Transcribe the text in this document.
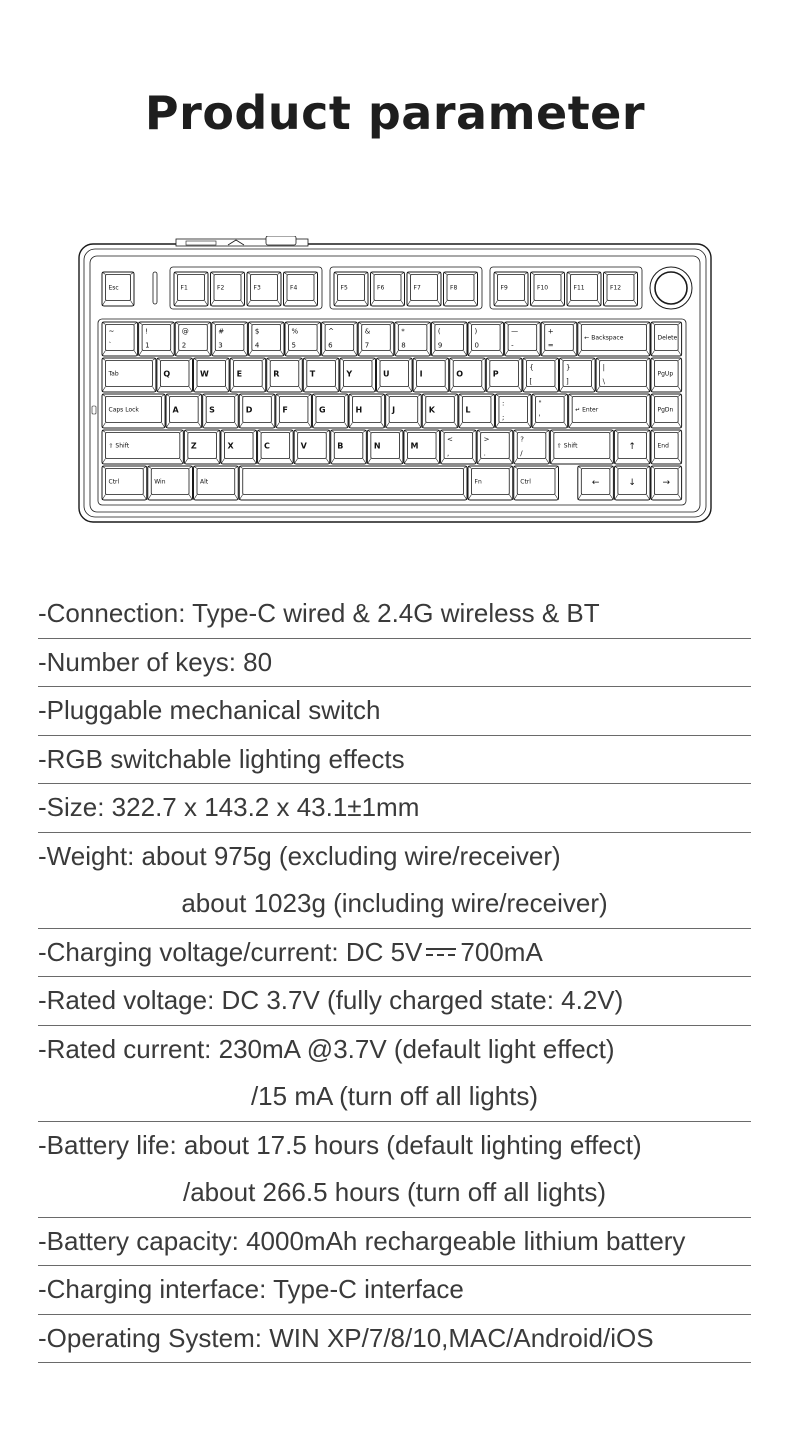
Product parameter
Esc	F1	F2	F3	F4	F5	F6	F7	F8	F9	F10	F11	F12
~
`
!
1
@
2
#
3
$
4
%
5
^
6
&
7
*
8
(
9
)
0
—
-
+
=
← Backspace	Delete
Tab	Q	W	E	R	T	Y	U	I	O	P
{
[
}
]
|
\
PgUp
Caps Lock	A	S	D	F	G	H	J	K	L
:
;
"
'
↵ Enter	PgDn
⇧ Shift	Z	X	C	V	B	N	M
<
,
>
.
?
/
⇧ Shift	↑	End
Ctrl	Win	Alt	Fn	Ctrl	←	↓	→
-Connection: Type-C wired & 2.4G wireless & BT
-Number of keys: 80
-Pluggable mechanical switch
-RGB switchable lighting effects
-Size: 322.7 x 143.2 x 43.1±1mm
-Weight: about 975g (excluding wire/receiver)
about 1023g (including wire/receiver)
-Charging voltage/current: DC 5V 700mA
-Rated voltage: DC 3.7V (fully charged state: 4.2V)
-Rated current: 230mA @3.7V (default light effect)
/15 mA (turn off all lights)
-Battery life: about 17.5 hours (default lighting effect)
/about 266.5 hours (turn off all lights)
-Battery capacity: 4000mAh rechargeable lithium battery
-Charging interface: Type-C interface
-Operating System: WIN XP/7/8/10,MAC/Android/iOS
